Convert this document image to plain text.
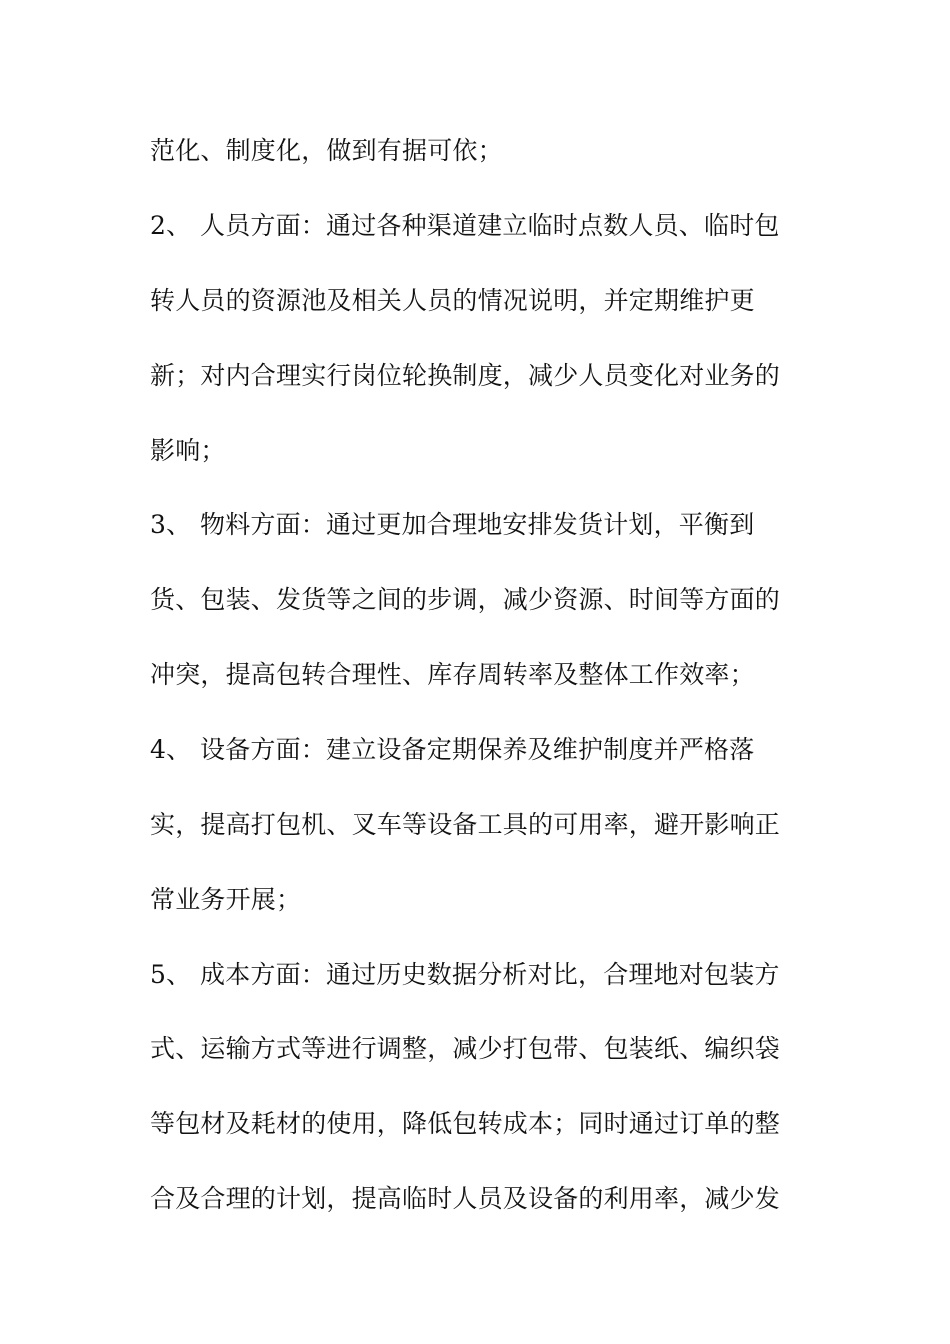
范化、制度化，做到有据可依；
2、 人员方面：通过各种渠道建立临时点数人员、临时包
转人员的资源池及相关人员的情况说明，并定期维护更
新；对内合理实行岗位轮换制度，减少人员变化对业务的
影响；
3、 物料方面：通过更加合理地安排发货计划，平衡到
货、包装、发货等之间的步调，减少资源、时间等方面的
冲突，提高包转合理性、库存周转率及整体工作效率；
4、 设备方面：建立设备定期保养及维护制度并严格落
实，提高打包机、叉车等设备工具的可用率，避开影响正
常业务开展；
5、 成本方面：通过历史数据分析对比，合理地对包装方
式、运输方式等进行调整，减少打包带、包装纸、编织袋
等包材及耗材的使用，降低包转成本；同时通过订单的整
合及合理的计划，提高临时人员及设备的利用率，减少发
